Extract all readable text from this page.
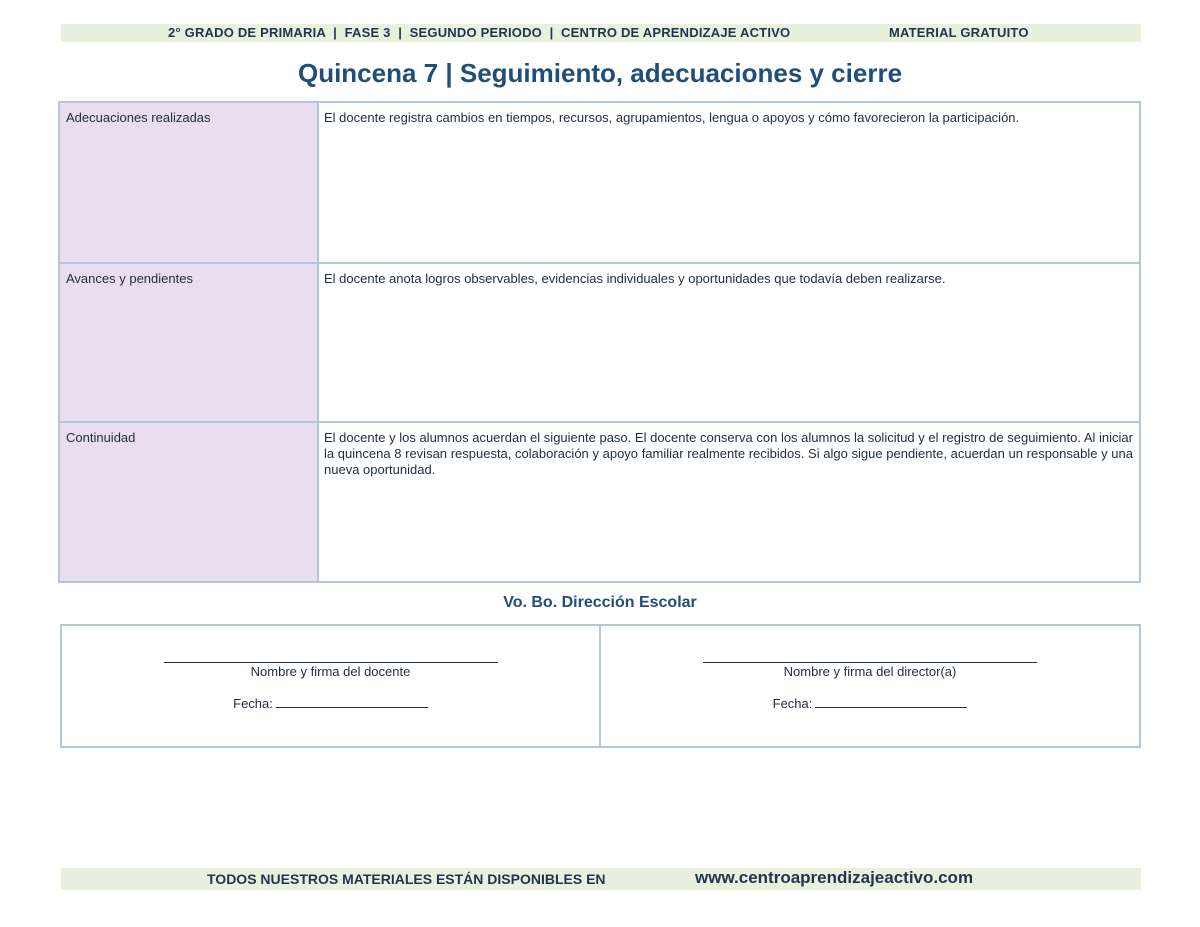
2° GRADO DE PRIMARIA  |  FASE 3  |  SEGUNDO PERIODO  |  CENTRO DE APRENDIZAJE ACTIVO	MATERIAL GRATUITO
Quincena 7 | Seguimiento, adecuaciones y cierre
Adecuaciones realizadas	El docente registra cambios en tiempos, recursos, agrupamientos, lengua o apoyos y cómo favorecieron la participación.
Avances y pendientes	El docente anota logros observables, evidencias individuales y oportunidades que todavía deben realizarse.
Continuidad	El docente y los alumnos acuerdan el siguiente paso. El docente conserva con los alumnos la solicitud y el registro de seguimiento. Al iniciar la quincena 8 revisan respuesta, colaboración y apoyo familiar realmente recibidos. Si algo sigue pendiente, acuerdan un responsable y una nueva oportunidad.
Vo. Bo. Dirección Escolar
Nombre y firma del docente
Fecha:
Nombre y firma del director(a)
Fecha:
TODOS NUESTROS MATERIALES ESTÁN DISPONIBLES EN	www.centroaprendizajeactivo.com
